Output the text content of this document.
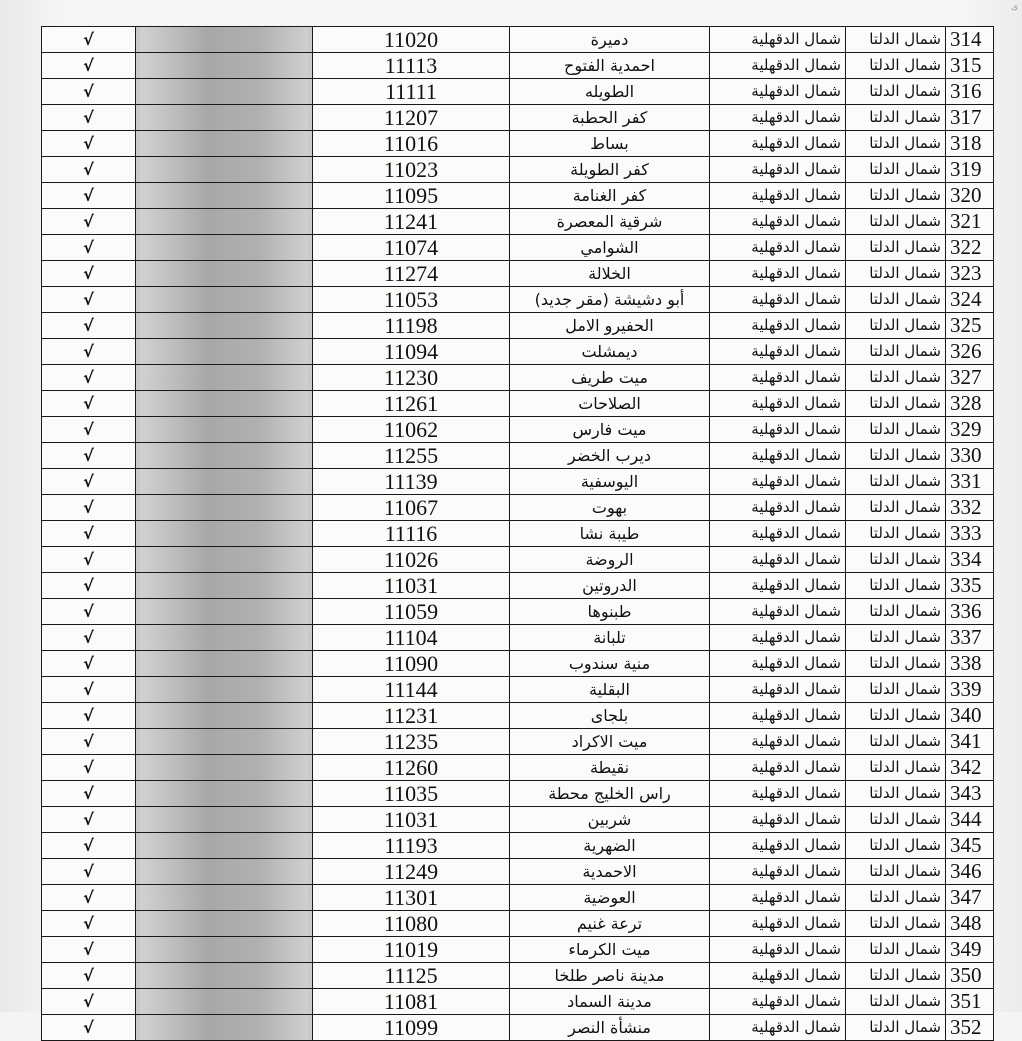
ى
√		11020	دميرة	شمال الدقهلية	شمال الدلتا	314
√		11113	احمدية الفتوح	شمال الدقهلية	شمال الدلتا	315
√		11111	الطويله	شمال الدقهلية	شمال الدلتا	316
√		11207	كفر الحطبة	شمال الدقهلية	شمال الدلتا	317
√		11016	بساط	شمال الدقهلية	شمال الدلتا	318
√		11023	كفر الطويلة	شمال الدقهلية	شمال الدلتا	319
√		11095	كفر الغنامة	شمال الدقهلية	شمال الدلتا	320
√		11241	شرقية المعصرة	شمال الدقهلية	شمال الدلتا	321
√		11074	الشوامي	شمال الدقهلية	شمال الدلتا	322
√		11274	الخلالة	شمال الدقهلية	شمال الدلتا	323
√		11053	أبو دشيشة (مقر جديد)	شمال الدقهلية	شمال الدلتا	324
√		11198	الحفيرو الامل	شمال الدقهلية	شمال الدلتا	325
√		11094	ديمشلت	شمال الدقهلية	شمال الدلتا	326
√		11230	ميت طريف	شمال الدقهلية	شمال الدلتا	327
√		11261	الصلاحات	شمال الدقهلية	شمال الدلتا	328
√		11062	ميت فارس	شمال الدقهلية	شمال الدلتا	329
√		11255	ديرب الخضر	شمال الدقهلية	شمال الدلتا	330
√		11139	اليوسفية	شمال الدقهلية	شمال الدلتا	331
√		11067	بهوت	شمال الدقهلية	شمال الدلتا	332
√		11116	طيبة نشا	شمال الدقهلية	شمال الدلتا	333
√		11026	الروضة	شمال الدقهلية	شمال الدلتا	334
√		11031	الدروتين	شمال الدقهلية	شمال الدلتا	335
√		11059	طبنوها	شمال الدقهلية	شمال الدلتا	336
√		11104	تلبانة	شمال الدقهلية	شمال الدلتا	337
√		11090	منية سندوب	شمال الدقهلية	شمال الدلتا	338
√		11144	البقلية	شمال الدقهلية	شمال الدلتا	339
√		11231	بلجاى	شمال الدقهلية	شمال الدلتا	340
√		11235	ميت الاكراد	شمال الدقهلية	شمال الدلتا	341
√		11260	نقيطة	شمال الدقهلية	شمال الدلتا	342
√		11035	راس الخليج محطة	شمال الدقهلية	شمال الدلتا	343
√		11031	شربين	شمال الدقهلية	شمال الدلتا	344
√		11193	الضهرية	شمال الدقهلية	شمال الدلتا	345
√		11249	الاحمدية	شمال الدقهلية	شمال الدلتا	346
√		11301	العوضية	شمال الدقهلية	شمال الدلتا	347
√		11080	ترعة غنيم	شمال الدقهلية	شمال الدلتا	348
√		11019	ميت الكرماء	شمال الدقهلية	شمال الدلتا	349
√		11125	مدينة ناصر طلخا	شمال الدقهلية	شمال الدلتا	350
√		11081	مدينة السماد	شمال الدقهلية	شمال الدلتا	351
√		11099	منشأة النصر	شمال الدقهلية	شمال الدلتا	352
